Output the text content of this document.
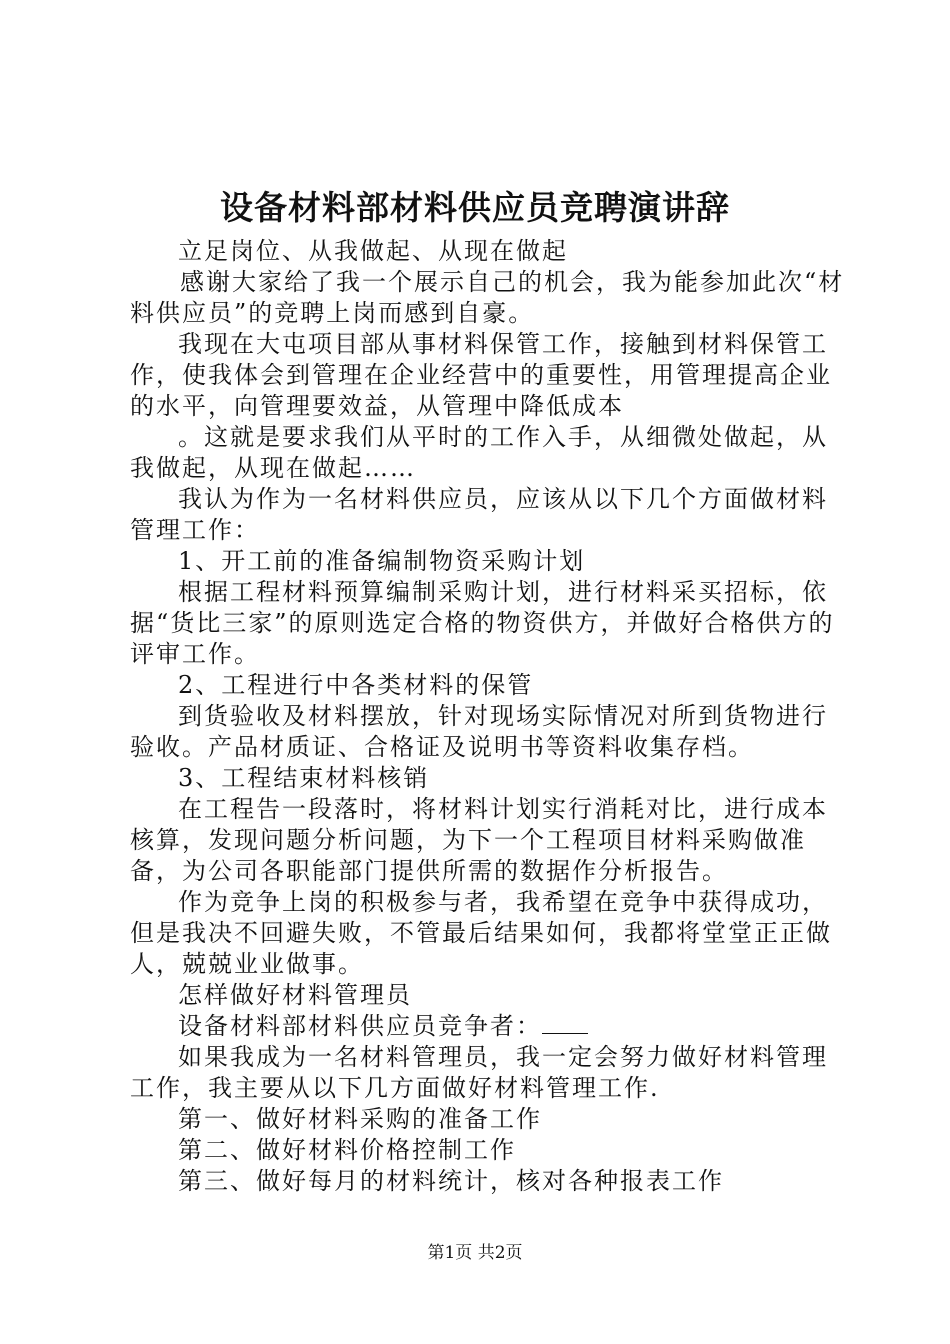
设备材料部材料供应员竞聘演讲辞

立足岗位、从我做起、从现在做起

感谢大家给了我一个展示自己的机会，我为能参加此次“材料供应员”的竞聘上岗而感到自豪。

我现在大屯项目部从事材料保管工作，接触到材料保管工作，使我体会到管理在企业经营中的重要性，用管理提高企业的水平，向管理要效益，从管理中降低成本

。这就是要求我们从平时的工作入手，从细微处做起，从我做起，从现在做起……

我认为作为一名材料供应员，应该从以下几个方面做材料管理工作：

1、开工前的准备编制物资采购计划

根据工程材料预算编制采购计划，进行材料采买招标，依据“货比三家”的原则选定合格的物资供方，并做好合格供方的评审工作。

2、工程进行中各类材料的保管

到货验收及材料摆放，针对现场实际情况对所到货物进行验收。产品材质证、合格证及说明书等资料收集存档。

3、工程结束材料核销

在工程告一段落时，将材料计划实行消耗对比，进行成本核算，发现问题分析问题，为下一个工程项目材料采购做准备，为公司各职能部门提供所需的数据作分析报告。

作为竞争上岗的积极参与者，我希望在竞争中获得成功，但是我决不回避失败，不管最后结果如何，我都将堂堂正正做人，兢兢业业做事。

怎样做好材料管理员

设备材料部材料供应员竞争者：

如果我成为一名材料管理员，我一定会努力做好材料管理工作，我主要从以下几方面做好材料管理工作.

第一、做好材料采购的准备工作

第二、做好材料价格控制工作

第三、做好每月的材料统计，核对各种报表工作

第1页 共2页
